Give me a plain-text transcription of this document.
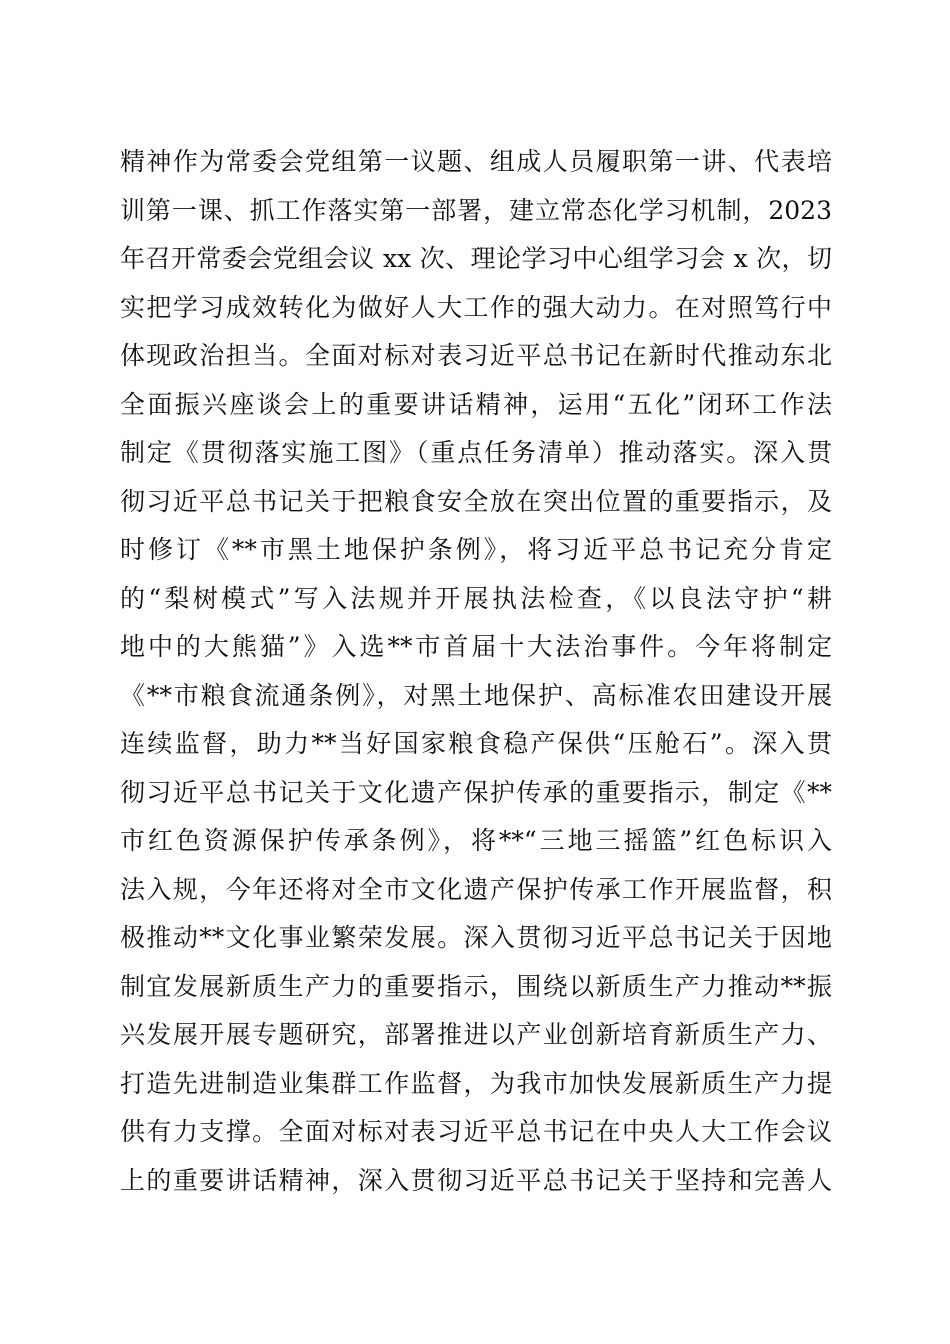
精神作为常委会党组第一议题、组成人员履职第一讲、代表培
训第一课、抓工作落实第一部署，建立常态化学习机制，2023
年召开常委会党组会议 xx 次、理论学习中心组学习会 x 次，切
实把学习成效转化为做好人大工作的强大动力。在对照笃行中
体现政治担当。全面对标对表习近平总书记在新时代推动东北
全面振兴座谈会上的重要讲话精神，运用“五化”闭环工作法
制定《贯彻落实施工图》（重点任务清单）推动落实。深入贯
彻习近平总书记关于把粮食安全放在突出位置的重要指示，及
时修订《**市黑土地保护条例》，将习近平总书记充分肯定
的“梨树模式”写入法规并开展执法检查，《以良法守护“耕
地中的大熊猫”》入选**市首届十大法治事件。今年将制定
《**市粮食流通条例》，对黑土地保护、高标准农田建设开展
连续监督，助力**当好国家粮食稳产保供“压舱石”。深入贯
彻习近平总书记关于文化遗产保护传承的重要指示，制定《**
市红色资源保护传承条例》，将**“三地三摇篮”红色标识入
法入规，今年还将对全市文化遗产保护传承工作开展监督，积
极推动**文化事业繁荣发展。深入贯彻习近平总书记关于因地
制宜发展新质生产力的重要指示，围绕以新质生产力推动**振
兴发展开展专题研究，部署推进以产业创新培育新质生产力、
打造先进制造业集群工作监督，为我市加快发展新质生产力提
供有力支撑。全面对标对表习近平总书记在中央人大工作会议
上的重要讲话精神，深入贯彻习近平总书记关于坚持和完善人
